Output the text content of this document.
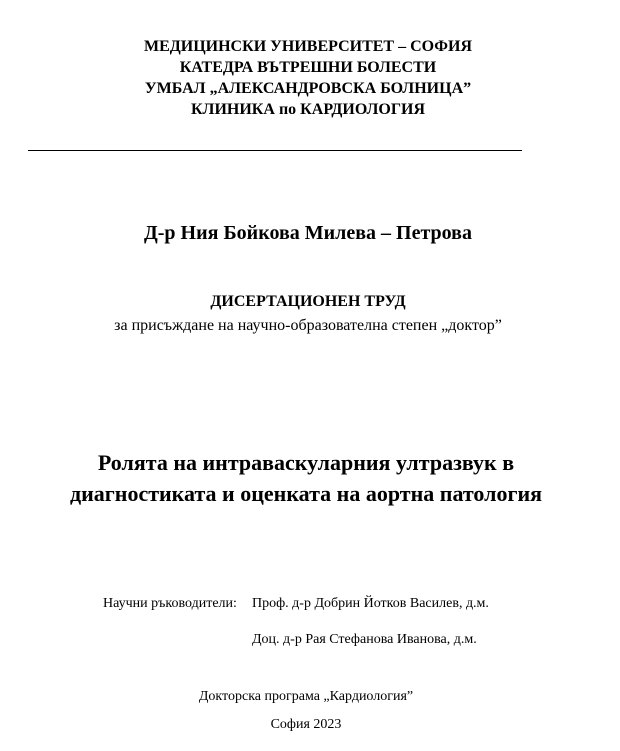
МЕДИЦИНСКИ УНИВЕРСИТЕТ – СОФИЯ
КАТЕДРА ВЪТРЕШНИ БОЛЕСТИ
УМБАЛ „АЛЕКСАНДРОВСКА БОЛНИЦА”
КЛИНИКА по КАРДИОЛОГИЯ
Д-р Ния Бойкова Милева – Петрова
ДИСЕРТАЦИОНЕН ТРУД
за присъждане на научно-образователна степен „доктор”
Ролята на интраваскуларния ултразвук в
диагностиката и оценката на аортна патология
Научни ръководители: Проф. д-р Добрин Йотков Василев, д.м.
Доц. д-р Рая Стефанова Иванова, д.м.
Докторска програма „Кардиология”
София 2023
